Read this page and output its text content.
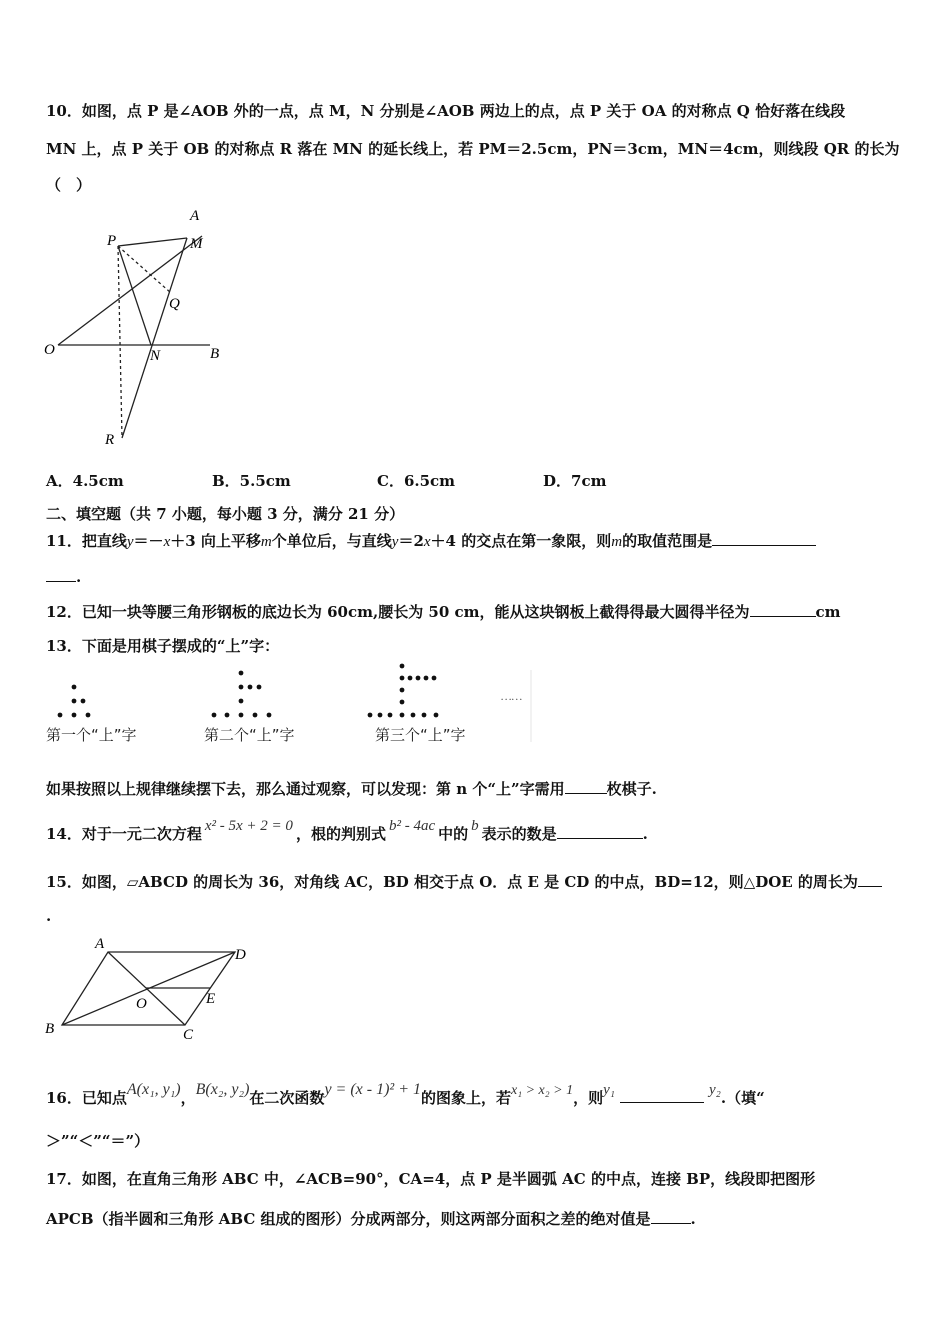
10．如图，点 P 是∠AOB 外的一点，点 M，N 分别是∠AOB 两边上的点，点 P 关于 OA 的对称点 Q 恰好落在线段
MN 上，点 P 关于 OB 的对称点 R 落在 MN 的延长线上，若 PM＝2.5cm，PN＝3cm，MN＝4cm，则线段 QR 的长为
（　）
A
P	M
Q
O	N	B
R
A．4.5cm	B．5.5cm	C．6.5cm	D．7cm
二、填空题（共 7 小题，每小题 3 分，满分 21 分）
11．把直线y＝－x＋3 向上平移m个单位后，与直线y＝2x＋4 的交点在第一象限，则m的取值范围是
.
12．已知一块等腰三角形钢板的底边长为 60cm,腰长为 50 cm，能从这块钢板上截得得最大圆得半径为	cm
13．下面是用棋子摆成的“上”字：
……
第一个“上”字	第二个“上”字	第三个“上”字
如果按照以上规律继续摆下去，那么通过观察，可以发现：第 n 个“上”字需用	枚棋子.
14．对于一元二次方程 x² - 5x + 2 = 0 ，根的判别式 b² - 4ac 中的 b 表示的数是	.
15．如图，▱ABCD 的周长为 36，对角线 AC，BD 相交于点 O．点 E 是 CD 的中点，BD=12，则△DOE 的周长为
.
A
D
O	E
B	C
16．已知点A(x₁, y₁)，B(x₂, y₂)在二次函数y = (x - 1)² + 1的图象上，若x₁ > x₂ > 1，则y₁	y₂.（填“
＞”“＜”“＝”）
17．如图，在直角三角形 ABC 中，∠ACB=90°，CA=4，点 P 是半圆弧 AC 的中点，连接 BP，线段即把图形
APCB（指半圆和三角形 ABC 组成的图形）分成两部分，则这两部分面积之差的绝对值是	.
